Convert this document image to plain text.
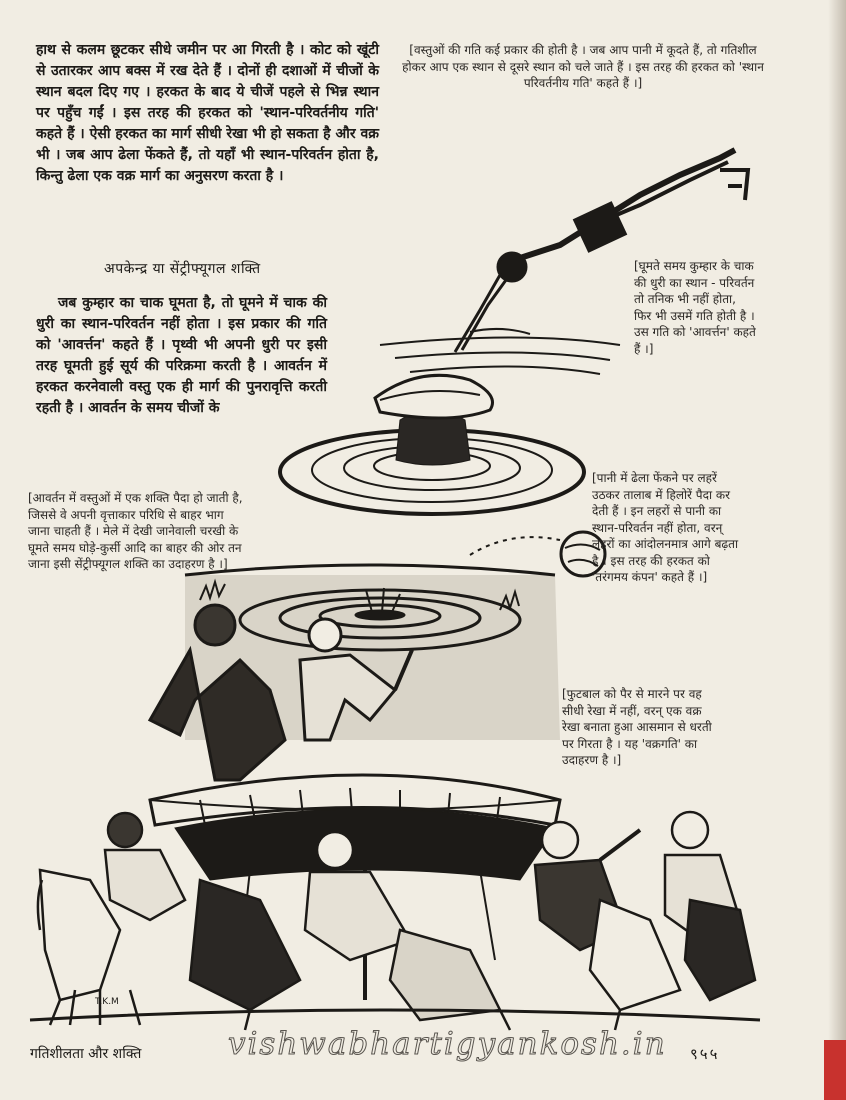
T.K.M
हाथ से कलम छूटकर सीधे जमीन पर आ गिरती है । कोट को खूंटी से उतारकर आप बक्स में रख देते हैं । दोनों ही दशाओं में चीजों के स्थान बदल दिए गए । हरकत के बाद ये चीजें पहले से भिन्न स्थान पर पहुँच गईं । इस तरह की हरकत को 'स्थान-परिवर्तनीय गति' कहते हैं । ऐसी हरकत का मार्ग सीधी रेखा भी हो सकता है और वक्र भी । जब आप ढेला फेंकते हैं, तो यहाँ भी स्थान-परिवर्तन होता है, किन्तु ढेला एक वक्र मार्ग का अनुसरण करता है ।
अपकेन्द्र या सेंट्रीफ्यूगल शक्ति
जब कुम्हार का चाक घूमता है, तो घूमने में चाक की धुरी का स्थान-परिवर्तन नहीं होता । इस प्रकार की गति को 'आवर्त्तन' कहते हैं । पृथ्वी भी अपनी धुरी पर इसी तरह घूमती हुई सूर्य की परिक्रमा करती है । आवर्तन में हरकत करनेवाली वस्तु एक ही मार्ग की पुनरावृत्ति करती रहती है । आवर्तन के समय चीजों के
[वस्तुओं की गति कई प्रकार की होती है । जब आप पानी में कूदते हैं, तो गतिशील होकर आप एक स्थान से दूसरे स्थान को चले जाते हैं । इस तरह की हरकत को 'स्थान परिवर्तनीय गति' कहते हैं ।]
[घूमते समय कुम्हार के चाक की धुरी का स्थान - परिवर्तन तो तनिक भी नहीं होता, फिर भी उसमें गति होती है । उस गति को 'आवर्त्तन' कहते हैं ।]
[आवर्तन में वस्तुओं में एक शक्ति पैदा हो जाती है, जिससे वे अपनी वृत्ताकार परिधि से बाहर भाग जाना चाहती हैं । मेले में देखी जानेवाली चरखी के घूमते समय घोड़े-कुर्सी आदि का बाहर की ओर तन जाना इसी सेंट्रीफ्यूगल शक्ति का उदाहरण है ।]
[पानी में ढेला फेंकने पर लहरें उठकर तालाब में हिलोरें पैदा कर देती हैं । इन लहरों से पानी का स्थान-परिवर्तन नहीं होता, वरन् लहरों का आंदोलनमात्र आगे बढ़ता है । इस तरह की हरकत को 'तरंगमय कंपन' कहते हैं ।]
[फुटबाल को पैर से मारने पर वह सीधी रेखा में नहीं, वरन् एक वक्र रेखा बनाता हुआ आसमान से धरती पर गिरता है । यह 'वक्रगति' का उदाहरण है ।]
गतिशीलता और शक्ति	vishwabhartigyankosh.in ९५५
